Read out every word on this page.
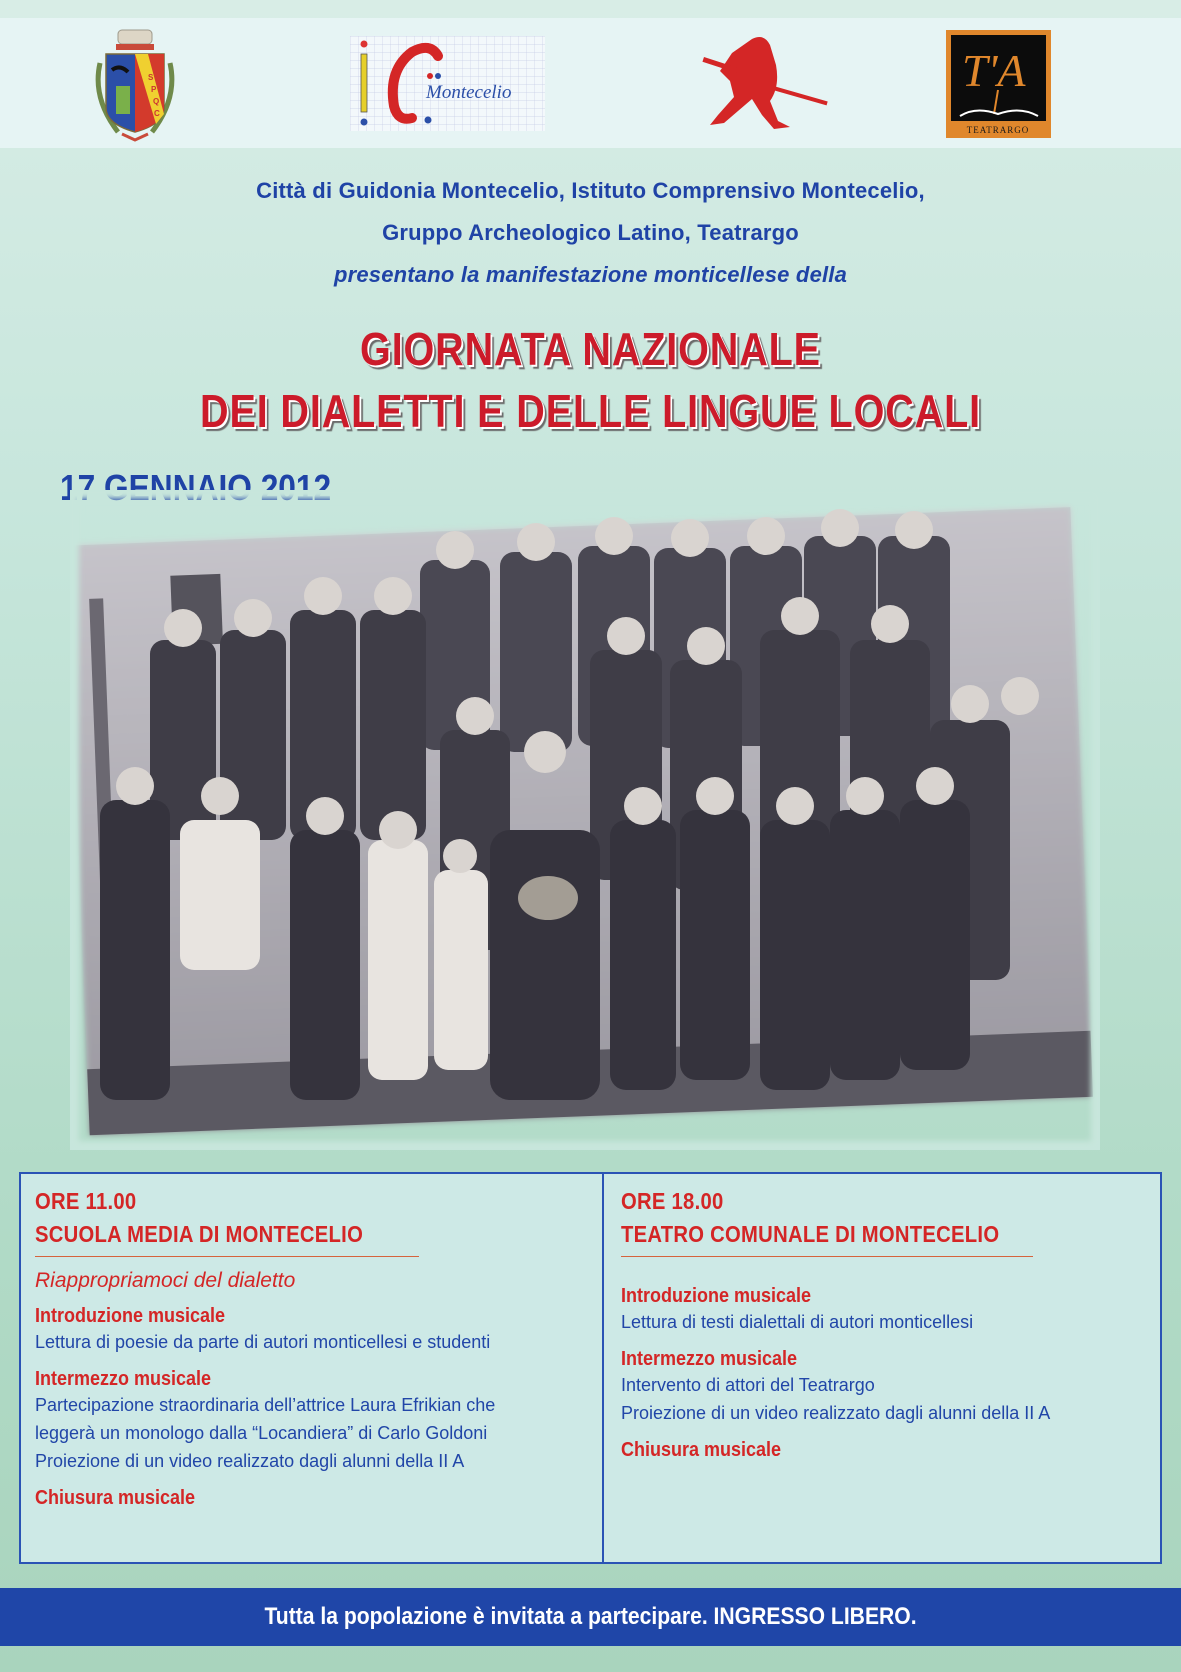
S
P
Q
C
Montecelio	T'A
TEATRARGO
Città di Guidonia Montecelio, Istituto Comprensivo Montecelio,
Gruppo Archeologico Latino, Teatrargo
presentano la manifestazione monticellese della
GIORNATA NAZIONALE
DEI DIALETTI E DELLE LINGUE LOCALI
17 GENNAIO 2012
ORE 11.00
SCUOLA MEDIA DI MONTECELIO
Riappropriamoci del dialetto
Introduzione musicale
Lettura di poesie da parte di autori monticellesi e studenti
Intermezzo musicale
Partecipazione straordinaria dell’attrice Laura Efrikian che
leggerà un monologo dalla “Locandiera” di Carlo Goldoni
Proiezione di un video realizzato dagli alunni della II A
Chiusura musicale
ORE 18.00
TEATRO COMUNALE DI MONTECELIO
Introduzione musicale
Lettura di testi dialettali di autori monticellesi
Intermezzo musicale
Intervento di attori del Teatrargo
Proiezione di un video realizzato dagli alunni della II A
Chiusura musicale
Tutta la popolazione è invitata a partecipare. INGRESSO LIBERO.
